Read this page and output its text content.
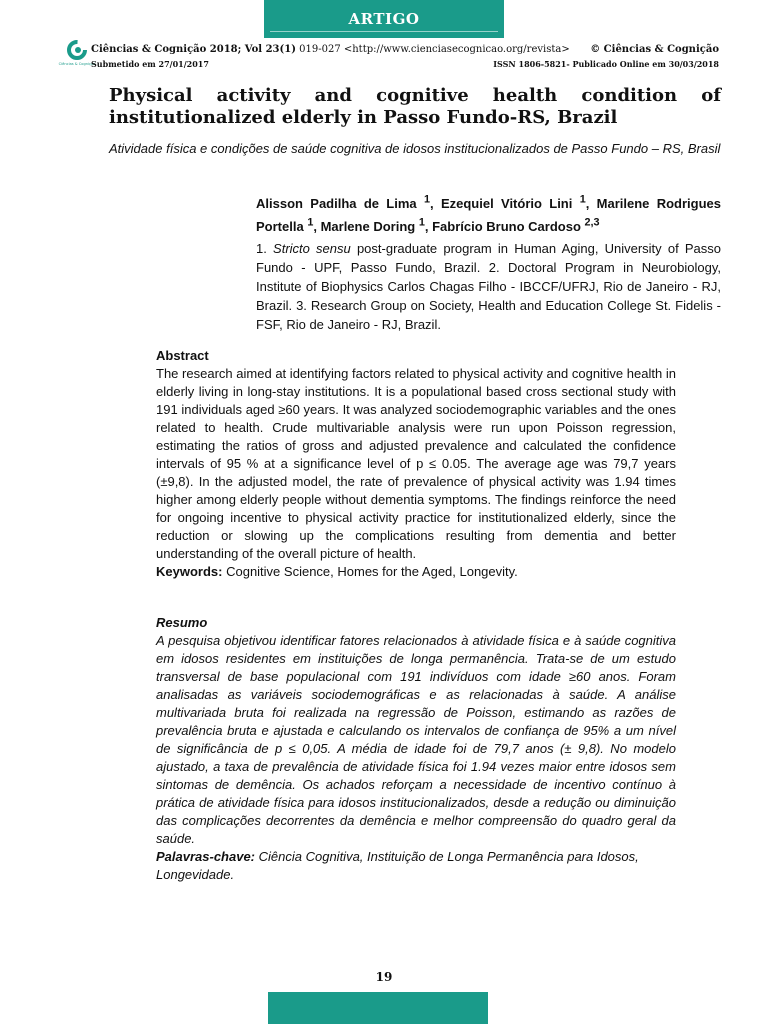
ARTIGO
Ciências & Cognição

Ciências & Cognição 2018; Vol 23(1) 019-027 <http://www.cienciasecognicao.org/revista> © Ciências & Cognição
Submetido em 27/01/2017	ISSN 1806-5821- Publicado Online em 30/03/2018
Physical activity and cognitive health condition of institutionalized elderly in Passo Fundo-RS, Brazil
Atividade física e condições de saúde cognitiva de idosos institucionalizados de Passo Fundo – RS, Brasil
Alisson Padilha de Lima $^1$, Ezequiel Vitório Lini $^1$, Marilene Rodrigues Portella $^1$, Marlene Doring $^1$, Fabrício Bruno Cardoso $^{2,3}$
1. Stricto sensu post-graduate program in Human Aging, University of Passo Fundo - UPF, Passo Fundo, Brazil. 2. Doctoral Program in Neurobiology, Institute of Biophysics Carlos Chagas Filho - IBCCF/UFRJ, Rio de Janeiro - RJ, Brazil. 3. Research Group on Society, Health and Education College St. Fidelis - FSF, Rio de Janeiro - RJ, Brazil.
Abstract
The research aimed at identifying factors related to physical activity and cognitive health in elderly living in long-stay institutions. It is a populational based cross sectional study with 191 individuals aged ≥60 years. It was analyzed sociodemographic variables and the ones related to health. Crude multivariable analysis were run upon Poisson regression, estimating the ratios of gross and adjusted prevalence and calculated the confidence intervals of 95 % at a significance level of p ≤ 0.05. The average age was 79,7 years (±9,8). In the adjusted model, the rate of prevalence of physical activity was 1.94 times higher among elderly people without dementia symptoms. The findings reinforce the need for ongoing incentive to physical activity practice for institutionalized elderly, since the reduction or slowing up the complications resulting from dementia and better understanding of the overall picture of health.
Keywords: Cognitive Science, Homes for the Aged, Longevity.
Resumo
A pesquisa objetivou identificar fatores relacionados à atividade física e à saúde cognitiva em idosos residentes em instituições de longa permanência. Trata-se de um estudo transversal de base populacional com 191 indivíduos com idade ≥60 anos. Foram analisadas as variáveis sociodemográficas e as relacionadas à saúde. A análise multivariada bruta foi realizada na regressão de Poisson, estimando as razões de prevalência bruta e ajustada e calculando os intervalos de confiança de 95% a um nível de significância de p ≤ 0,05. A média de idade foi de 79,7 anos (± 9,8). No modelo ajustado, a taxa de prevalência de atividade física foi 1.94 vezes maior entre idosos sem sintomas de demência. Os achados reforçam a necessidade de incentivo contínuo à prática de atividade física para idosos institucionalizados, desde a redução ou diminuição das complicações decorrentes da demência e melhor compreensão do quadro geral da saúde.
Palavras-chave: Ciência Cognitiva, Instituição de Longa Permanência para Idosos, Longevidade.
19
